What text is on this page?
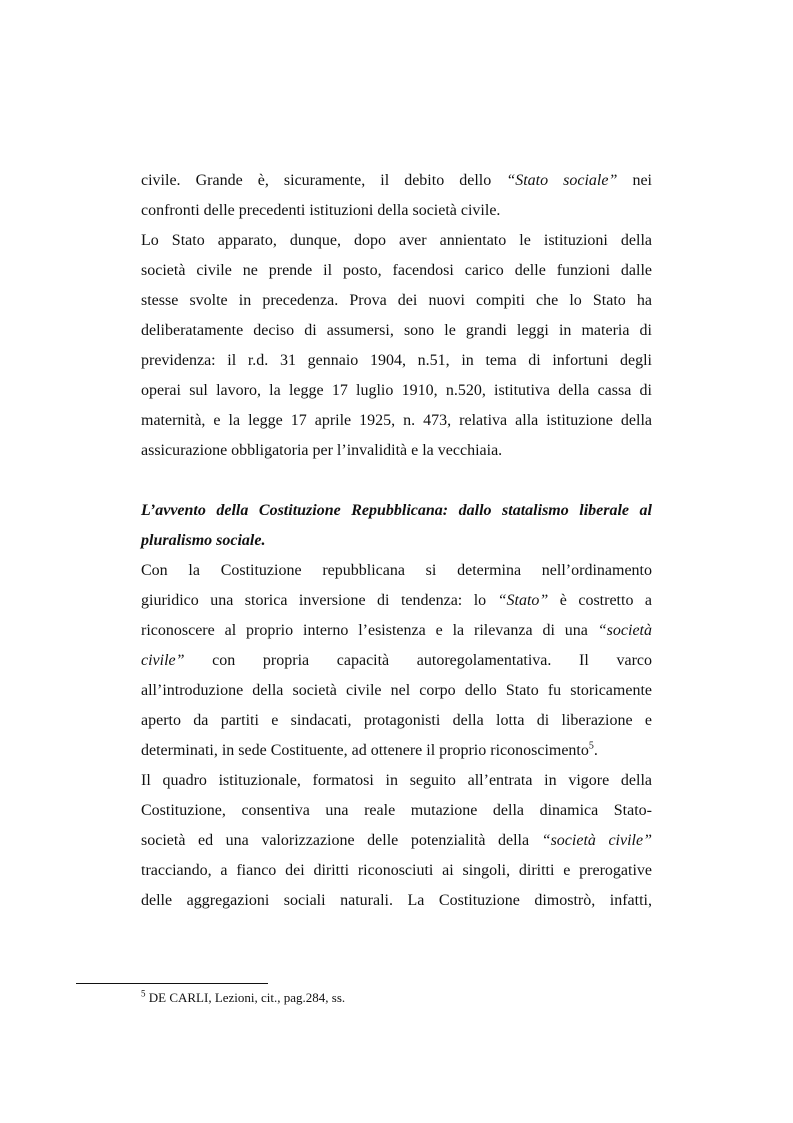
civile. Grande è, sicuramente, il debito dello “Stato sociale” nei
confronti delle precedenti istituzioni della società civile.
Lo Stato apparato, dunque, dopo aver annientato le istituzioni della
società civile ne prende il posto, facendosi carico delle funzioni dalle
stesse svolte in precedenza. Prova dei nuovi compiti che lo Stato ha
deliberatamente deciso di assumersi, sono le grandi leggi in materia di
previdenza: il r.d. 31 gennaio 1904, n.51, in tema di infortuni degli
operai sul lavoro, la legge 17 luglio 1910, n.520, istitutiva della cassa di
maternità, e la legge 17 aprile 1925, n. 473, relativa alla istituzione della
assicurazione obbligatoria per l’invalidità e la vecchiaia.
L’avvento della Costituzione Repubblicana: dallo statalismo liberale al
pluralismo sociale.
Con la Costituzione repubblicana si determina nell’ordinamento
giuridico una storica inversione di tendenza: lo “Stato” è costretto a
riconoscere al proprio interno l’esistenza e la rilevanza di una “società
civile” con propria capacità autoregolamentativa. Il varco
all’introduzione della società civile nel corpo dello Stato fu storicamente
aperto da partiti e sindacati, protagonisti della lotta di liberazione e
determinati, in sede Costituente, ad ottenere il proprio riconoscimento$^5$.
Il quadro istituzionale, formatosi in seguito all’entrata in vigore della
Costituzione, consentiva una reale mutazione della dinamica Stato-
società ed una valorizzazione delle potenzialità della “società civile”
tracciando, a fianco dei diritti riconosciuti ai singoli, diritti e prerogative
delle aggregazioni sociali naturali. La Costituzione dimostrò, infatti,
$^5$ DE CARLI, Lezioni, cit., pag.284, ss.
